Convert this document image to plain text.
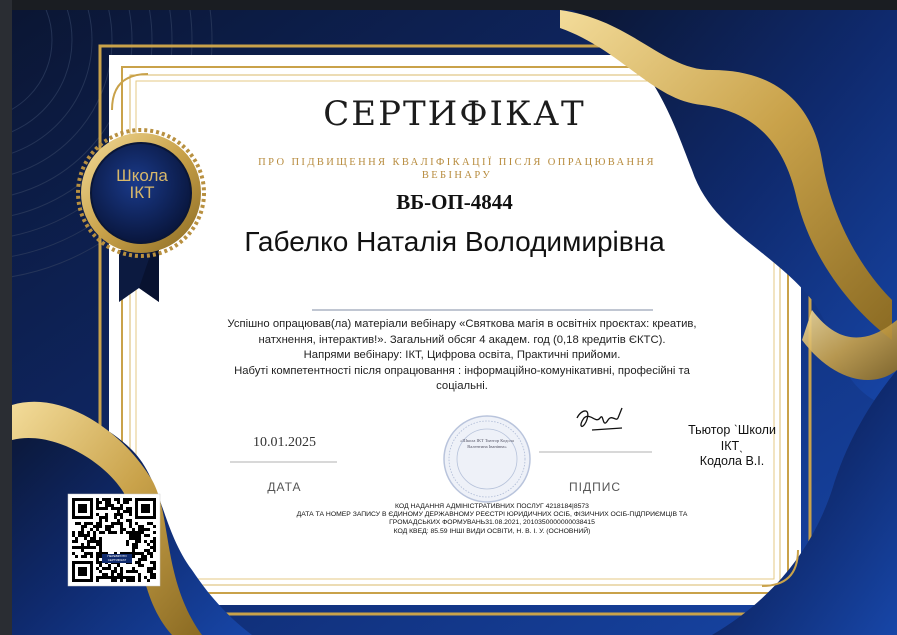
Школа
ІКТ
СЕРТИФІКАТ
ПРО ПІДВИЩЕННЯ КВАЛІФІКАЦІЇ ПІСЛЯ ОПРАЦЮВАННЯ ВЕБІНАРУ
ВБ-ОП-4844
Габелко Наталія Володимирівна
Успішно опрацював(ла) матеріали вебінару «Святкова магія в освітніх проєктах: креатив,
натхнення, інтерактив!». Загальний обсяг 4 академ. год (0,18 кредитів ЄКТС).
Напрями вебінару: ІКТ, Цифрова освіта, Практичні прийоми.
Набуті компетентності після опрацювання : інформаційно-комунікативні, професійні та
соціальні.
10.01.2025
ДАТА	ПІДПИС
«Школа ІКТ Тьютор Кодола Валентина Іванівна»
Тьютор ˋШколи
ІКТˎ
Кодола В.І.
КОД НАДАННЯ АДМІНІСТРАТИВНИХ ПОСЛУГ 4218184|8573
ДАТА ТА НОМЕР ЗАПИСУ В ЄДИНОМУ ДЕРЖАВНОМУ РЕЄСТРІ ЮРИДИЧНИХ ОСІБ, ФІЗИЧНИХ ОСІБ-ПІДПРИЄМЦІВ ТА
ГРОМАДСЬКИХ ФОРМУВАНЬ31.08.2021, 2010350000000038415
КОД КВЕД: 85.59 ІНШІ ВИДИ ОСВІТИ, Н. В. І. У. (ОСНОВНИЙ)
ПЕРЕВІРИТИ СЕРТИФІКАТ
